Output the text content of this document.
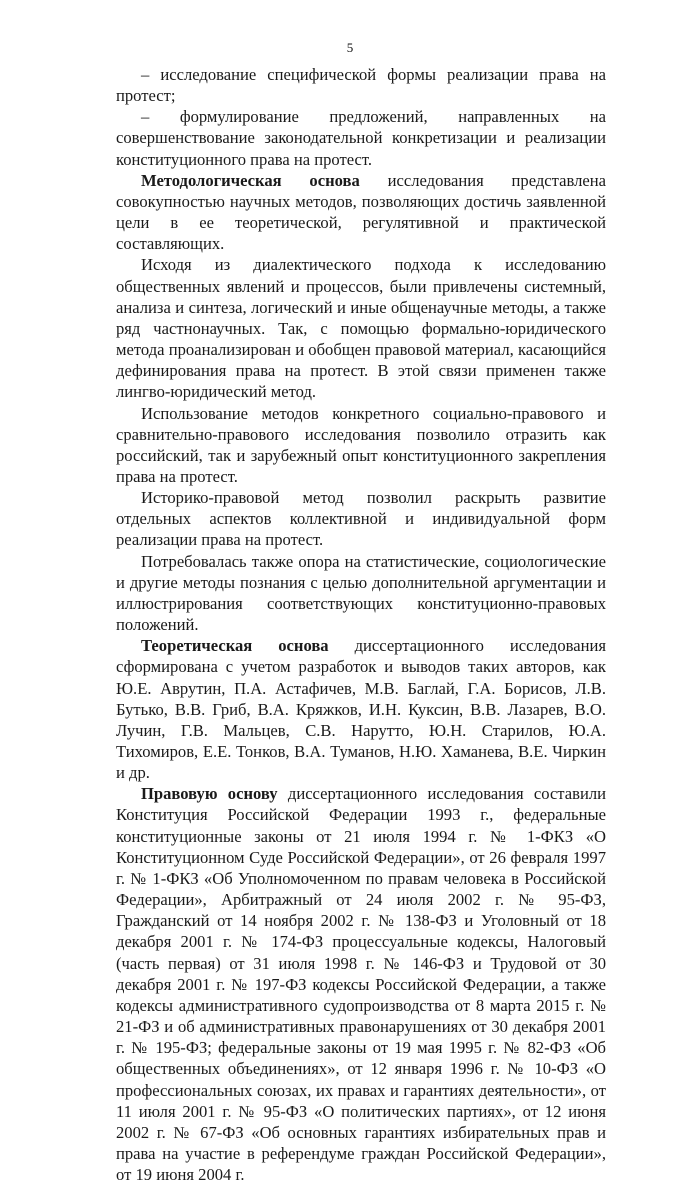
5

– исследование специфической формы реализации права на протест;

– формулирование предложений, направленных на совершенствование законодательной конкретизации и реализации конституционного права на протест.

Методологическая основа исследования представлена совокупностью научных методов, позволяющих достичь заявленной цели в ее теоретической, регулятивной и практической составляющих.

Исходя из диалектического подхода к исследованию общественных явлений и процессов, были привлечены системный, анализа и синтеза, логический и иные общенаучные методы, а также ряд частнонаучных. Так, с помощью формально-юридического метода проанализирован и обобщен правовой материал, касающийся дефинирования права на протест. В этой связи применен также лингво-юридический метод.

Использование методов конкретного социально-правового и сравнительно-правового исследования позволило отразить как российский, так и зарубежный опыт конституционного закрепления права на протест.

Историко-правовой метод позволил раскрыть развитие отдельных аспектов коллективной и индивидуальной форм реализации права на протест.

Потребовалась также опора на статистические, социологические и другие методы познания с целью дополнительной аргументации и иллюстрирования соответствующих конституционно-правовых положений.

Теоретическая основа диссертационного исследования сформирована с учетом разработок и выводов таких авторов, как Ю.Е. Аврутин, П.А. Астафичев, М.В. Баглай, Г.А. Борисов, Л.В. Бутько, В.В. Гриб, В.А. Кряжков, И.Н. Куксин, В.В. Лазарев, В.О. Лучин, Г.В. Мальцев, С.В. Нарутто, Ю.Н. Старилов, Ю.А. Тихомиров, Е.Е. Тонков, В.А. Туманов, Н.Ю. Хаманева, В.Е. Чиркин и др.

Правовую основу диссертационного исследования составили Конституция Российской Федерации 1993 г., федеральные конституционные законы от 21 июля 1994 г. № 1-ФКЗ «О Конституционном Суде Российской Федерации», от 26 февраля 1997 г. № 1-ФКЗ «Об Уполномоченном по правам человека в Российской Федерации», Арбитражный от 24 июля 2002 г. № 95-ФЗ, Гражданский от 14 ноября 2002 г. № 138-ФЗ и Уголовный от 18 декабря 2001 г. № 174-ФЗ процессуальные кодексы, Налоговый (часть первая) от 31 июля 1998 г. № 146-ФЗ и Трудовой от 30 декабря 2001 г. № 197-ФЗ кодексы Российской Федерации, а также кодексы административного судопроизводства от 8 марта 2015 г. № 21-ФЗ и об административных правонарушениях от 30 декабря 2001 г. № 195-ФЗ; федеральные законы от 19 мая 1995 г. № 82-ФЗ «Об общественных объединениях», от 12 января 1996 г. № 10-ФЗ «О профессиональных союзах, их правах и гарантиях деятельности», от 11 июля 2001 г. № 95-ФЗ «О политических партиях», от 12 июня 2002 г. № 67-ФЗ «Об основных гарантиях избирательных прав и права на участие в референдуме граждан Российской Федерации», от 19 июня 2004 г.
